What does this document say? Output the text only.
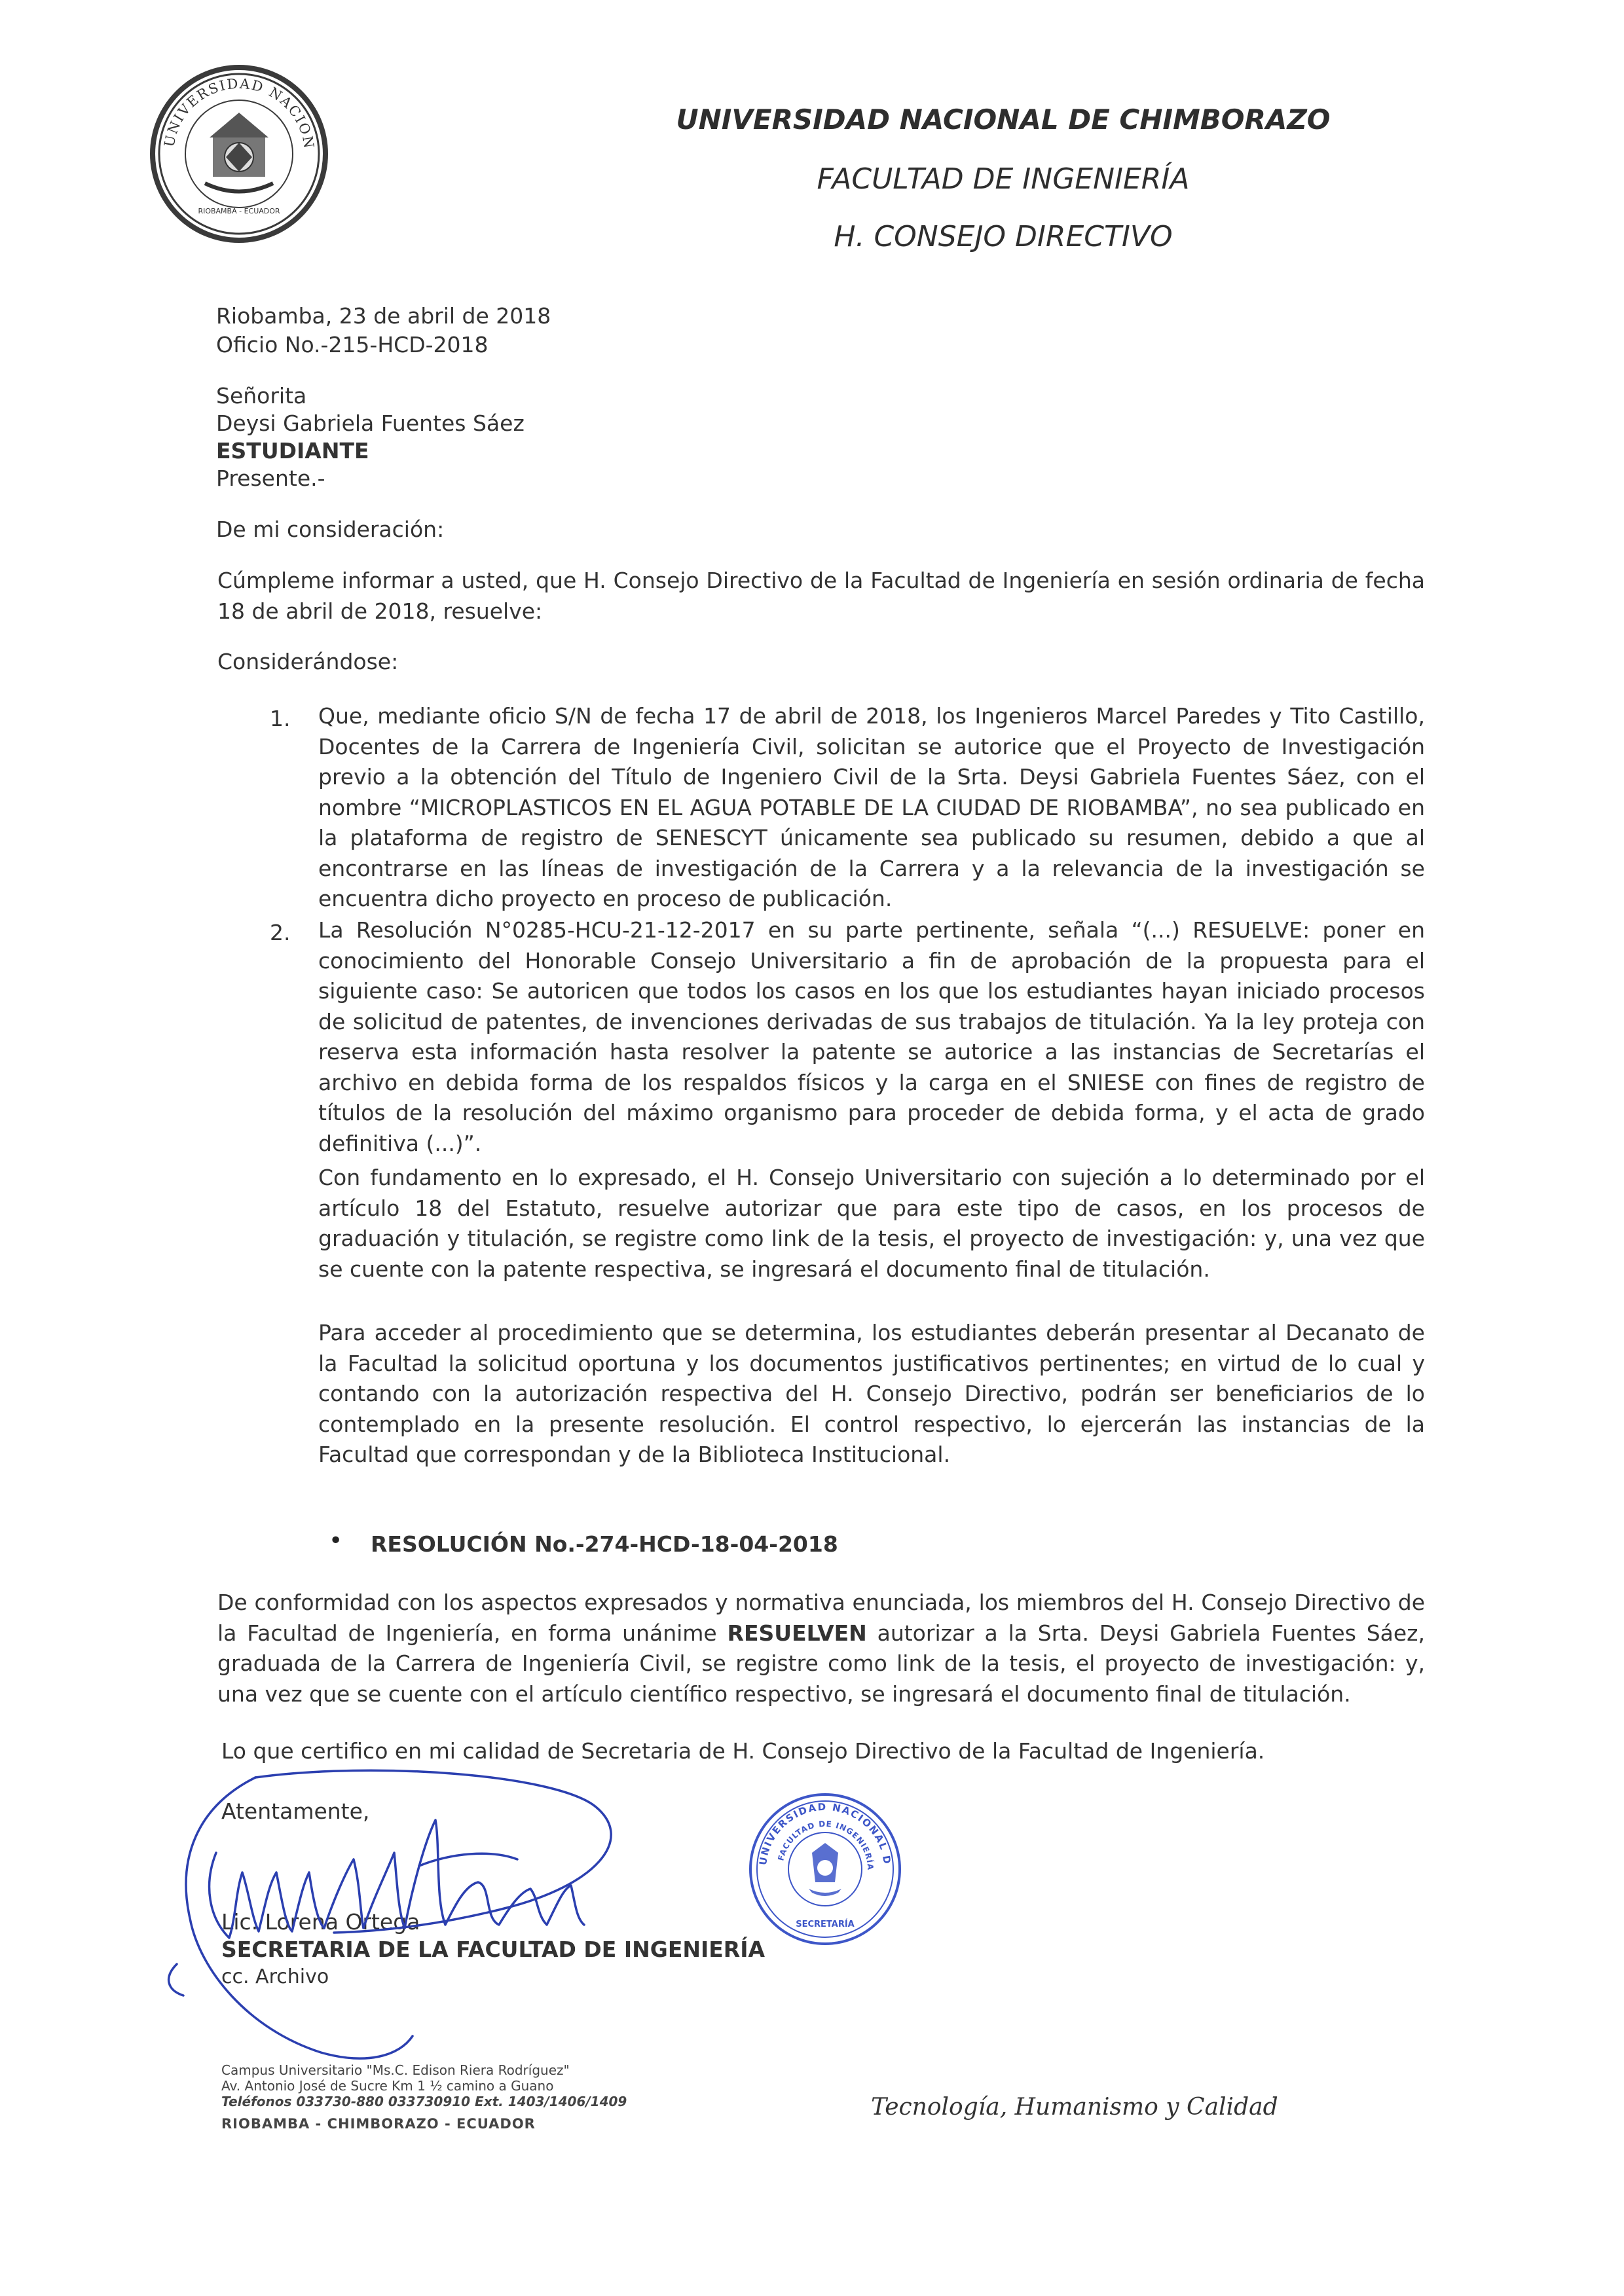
UNIVERSIDAD NACIONAL DE CHIMBORAZO
RIOBAMBA - ECUADOR
UNIVERSIDAD NACIONAL DE CHIMBORAZO
FACULTAD DE INGENIERÍA
H. CONSEJO DIRECTIVO
Riobamba, 23 de abril de 2018
Oficio No.-215-HCD-2018
Señorita
Deysi Gabriela Fuentes Sáez
ESTUDIANTE
Presente.-
De mi consideración:
Cúmpleme informar a usted, que H. Consejo Directivo de la Facultad de Ingeniería en sesión ordinaria de fecha 18 de abril de 2018, resuelve:
Considerándose:
1. Que, mediante oficio S/N de fecha 17 de abril de 2018, los Ingenieros Marcel Paredes y Tito Castillo, Docentes de la Carrera de Ingeniería Civil, solicitan se autorice que el Proyecto de Investigación previo a la obtención del Título de Ingeniero Civil de la Srta. Deysi Gabriela Fuentes Sáez, con el nombre “MICROPLASTICOS EN EL AGUA POTABLE DE LA CIUDAD DE RIOBAMBA”, no sea publicado en la plataforma de registro de SENESCYT únicamente sea publicado su resumen, debido a que al encontrarse en las líneas de investigación de la Carrera y a la relevancia de la investigación se encuentra dicho proyecto en proceso de publicación.
2. La Resolución N°0285-HCU-21-12-2017 en su parte pertinente, señala “(...) RESUELVE: poner en conocimiento del Honorable Consejo Universitario a fin de aprobación de la propuesta para el siguiente caso: Se autoricen que todos los casos en los que los estudiantes hayan iniciado procesos de solicitud de patentes, de invenciones derivadas de sus trabajos de titulación. Ya la ley proteja con reserva esta información hasta resolver la patente se autorice a las instancias de Secretarías el archivo en debida forma de los respaldos físicos y la carga en el SNIESE con fines de registro de títulos de la resolución del máximo organismo para proceder de debida forma, y el acta de grado definitiva (...)”.
Con fundamento en lo expresado, el H. Consejo Universitario con sujeción a lo determinado por el artículo 18 del Estatuto, resuelve autorizar que para este tipo de casos, en los procesos de graduación y titulación, se registre como link de la tesis, el proyecto de investigación: y, una vez que se cuente con la patente respectiva, se ingresará el documento final de titulación.
Para acceder al procedimiento que se determina, los estudiantes deberán presentar al Decanato de la Facultad la solicitud oportuna y los documentos justificativos pertinentes; en virtud de lo cual y contando con la autorización respectiva del H. Consejo Directivo, podrán ser beneficiarios de lo contemplado en la presente resolución. El control respectivo, lo ejercerán las instancias de la Facultad que correspondan y de la Biblioteca Institucional.
• RESOLUCIÓN No.-274-HCD-18-04-2018
De conformidad con los aspectos expresados y normativa enunciada, los miembros del H. Consejo Directivo de la Facultad de Ingeniería, en forma unánime RESUELVEN autorizar a la Srta. Deysi Gabriela Fuentes Sáez, graduada de la Carrera de Ingeniería Civil, se registre como link de la tesis, el proyecto de investigación: y, una vez que se cuente con el artículo científico respectivo, se ingresará el documento final de titulación.
Lo que certifico en mi calidad de Secretaria de H. Consejo Directivo de la Facultad de Ingeniería.
Atentamente,
Lic. Lorena Ortega
SECRETARIA DE LA FACULTAD DE INGENIERÍA
cc. Archivo
UNIVERSIDAD NACIONAL DE CHIMBORAZO
FACULTAD DE INGENIERÍA
SECRETARÍA
Campus Universitario "Ms.C. Edison Riera Rodríguez"
Av. Antonio José de Sucre Km 1 ½ camino a Guano
Teléfonos 033730-880 033730910 Ext. 1403/1406/1409
RIOBAMBA - CHIMBORAZO - ECUADOR
Tecnología, Humanismo y Calidad
